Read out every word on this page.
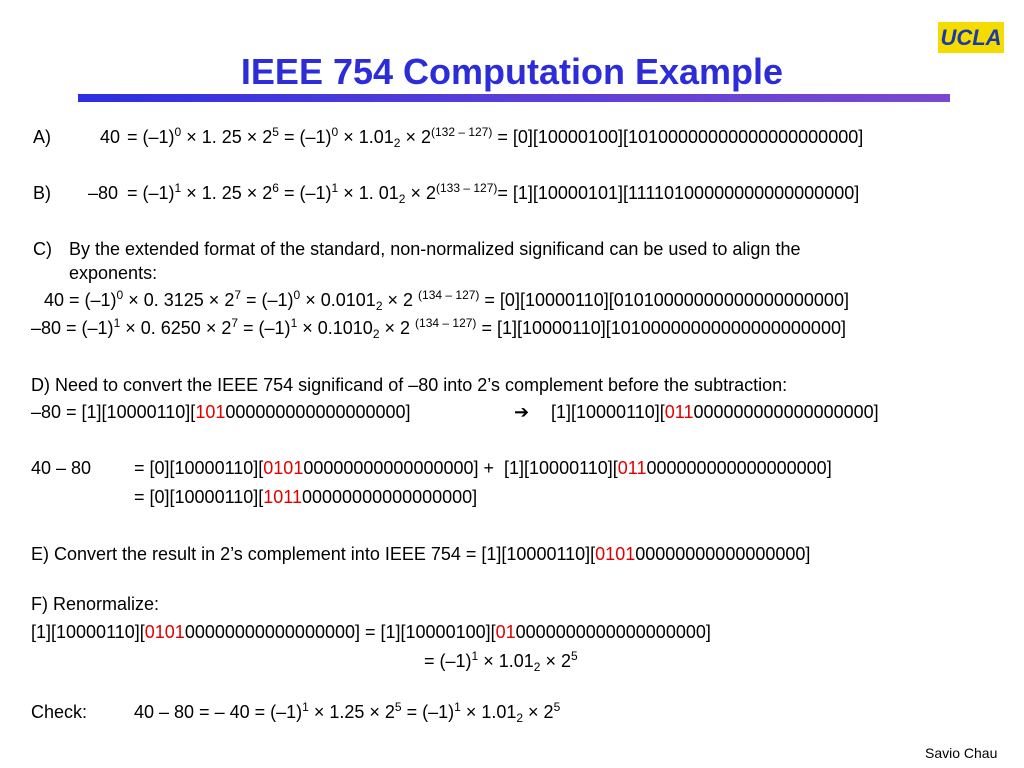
UCLA
IEEE 754 Computation Example
A)	$40 = (-1)^0 \times 1$. $25 \times 2^5 = (-1)^0 \times 1.01_2 \times 2^{(132 - 127)} = [0][10000100][10100000000000000000000]$
B) $-80 = (-1)^1 \times 1$. $25 \times 2^6 = (-1)^1 \times 1$. $01_2 \times 2^{(133 - 127)}= [1][10000101][11110100000000000000000]$
C) By the extended format of the standard, non-normalized significand can be used to align the
exponents:
$40 = (-1)^0 \times 0$. $3125 \times 2^7 = (-1)^0 \times 0.0101_2 \times 2$ $^{(134 - 127)}$ = [0][10000110][01010000000000000000000]
$-80 = (-1)^1 \times 0$. $6250 \times 2^7 = (-1)^1 \times 0.1010_2 \times 2$ $^{(134 - 127)}$ = [1][10000110][10100000000000000000000]
D) Need to convert the IEEE 754 significand of –80 into 2’s complement before the subtraction:
–80 = [1][10000110][101000000000000000000]	➔ [1][10000110][011000000000000000000]
40 – 80 = [0][10000110][010100000000000000000] +  [1][10000110][011000000000000000000]
= [0][10000110][101100000000000000000]
E) Convert the result in 2’s complement into IEEE 754 = [1][10000110][010100000000000000000]
F) Renormalize:
[1][10000110][010100000000000000000] = [1][10000100][010000000000000000000]
= $(-1)^1 \times 1.01_2 \times 2^5$
Check:	40 – 80 = – $40 = (-1)^1 \times 1.25 \times 2^5 = (-1)^1 \times 1.01_2 \times 2^5$
Savio Chau
